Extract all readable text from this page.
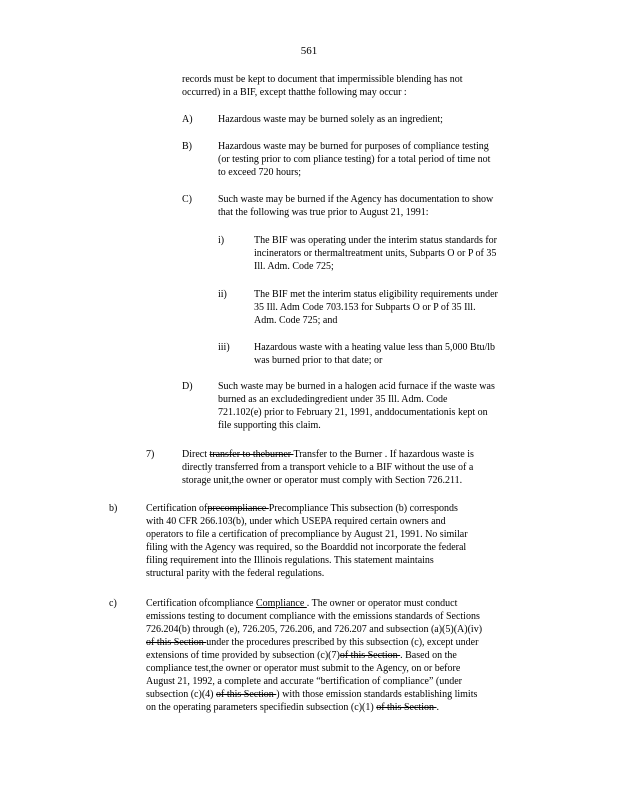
561
records must be kept to document that impermissible blending has not
occurred) in a BIF, except thatthe following may occur :
A)	Hazardous waste may be burned solely as an ingredient;
B)	Hazardous waste may be burned for purposes of compliance testing
(or testing prior to com pliance testing) for a total period of time not
to exceed 720 hours;
C)	Such waste may be burned if the Agency has documentation to show
that the following was true prior to August 21, 1991:
i)	The BIF was operating under the interim status standards for
incinerators or thermaltreatment units, Subparts O or P of 35
Ill. Adm. Code 725;
ii)	The BIF met the interim status eligibility requirements under
35 Ill. Adm Code 703.153 for Subparts O or P of 35 Ill.
Adm. Code 725; and
iii) Hazardous waste with a heating value less than 5,000 Btu/lb
was burned prior to that date; or
D)	Such waste may be burned in a halogen acid furnace if the waste was
burned as an excludedingredient under 35 Ill. Adm. Code
721.102(e) prior to February 21, 1991, anddocumentationis kept on
file supporting this claim.
7)	Direct transfer to theburner Transfer to the Burner . If hazardous waste is
directly transferred from a transport vehicle to a BIF without the use of a
storage unit,the owner or operator must comply with Section 726.211.
b)	Certification ofprecompliance Precompliance This subsection (b) corresponds
with 40 CFR 266.103(b), under which USEPA required certain owners and
operators to file a certification of precompliance by August 21, 1991. No similar
filing with the Agency was required, so the Boarddid not incorporate the federal
filing requirement into the Illinois regulations. This statement maintains
structural parity with the federal regulations.
c)	Certification ofcompliance Compliance . The owner or operator must conduct
emissions testing to document compliance with the emissions standards of Sections
726.204(b) through (e), 726.205, 726.206, and 726.207 and subsection (a)(5)(A)(iv)
of this Section under the procedures prescribed by this subsection (c), except under
extensions of time provided by subsection (c)(7)of this Section . Based on the
compliance test,the owner or operator must submit to the Agency, on or before
August 21, 1992, a complete and accurate “bertification of compliance” (under
subsection (c)(4) of this Section ) with those emission standards establishing limits
on the operating parameters specifiedin subsection (c)(1) of this Section .
